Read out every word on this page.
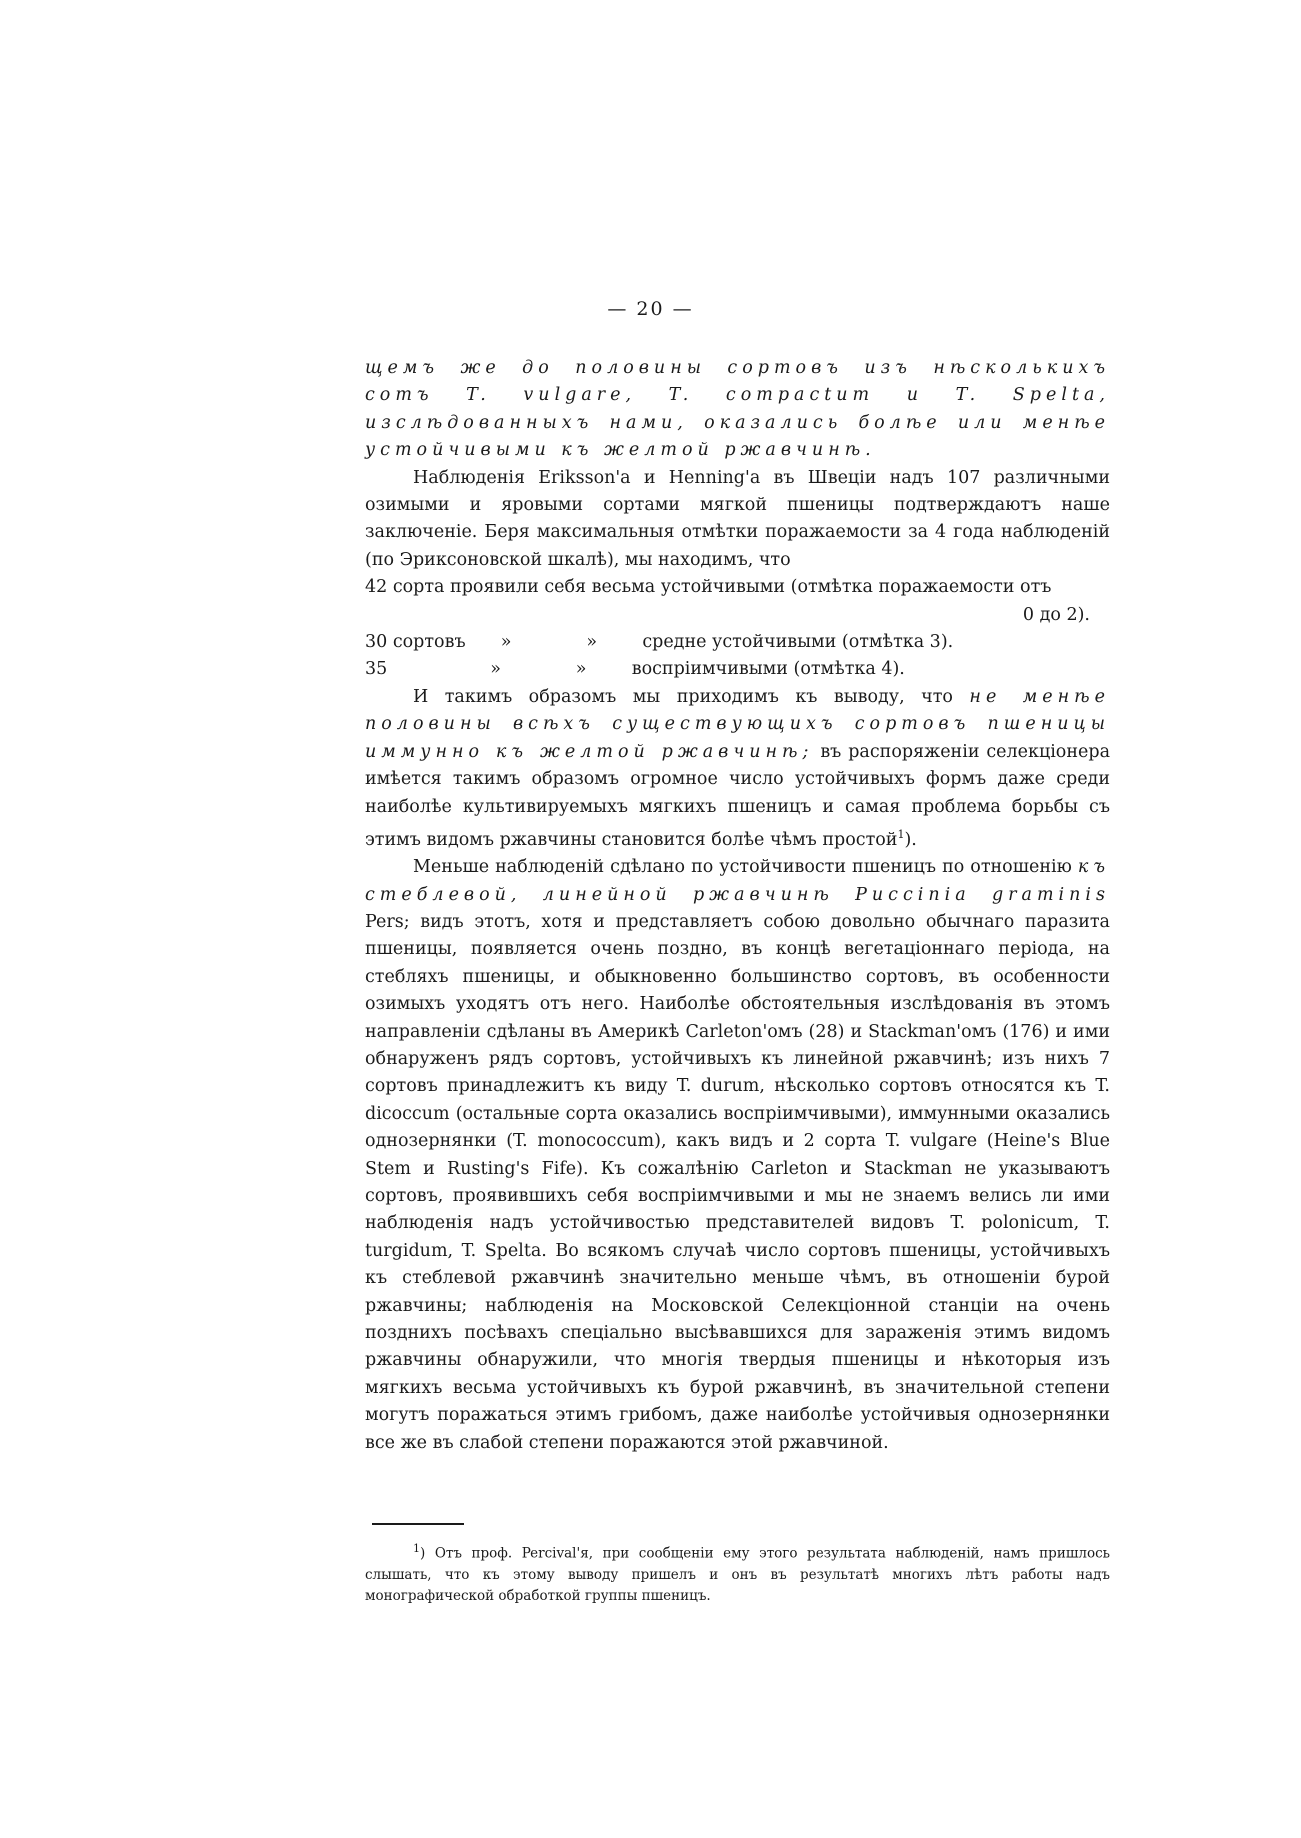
— 20 —

щемъ же до половины сортовъ изъ нѣсколькихъ сотъ T. vulgare, T. compactum и T. Spelta, изслѣдованныхъ нами, оказались болѣе или менѣе устойчивыми къ желтой ржавчинѣ.

Наблюденія Eriksson'а и Henning'а въ Швеціи надъ 107 различными озимыми и яровыми сортами мягкой пшеницы подтверждаютъ наше заключеніе. Беря максимальныя отмѣтки поражаемости за 4 года наблюденій (по Эриксоновской шкалѣ), мы находимъ, что

42 сорта проявили себя весьма устойчивыми (отмѣтка поражаемости отъ

0 до 2).

30 сортовъ »	»	средне устойчивыми (отмѣтка 3).

35	»	»	воспріимчивыми (отмѣтка 4).

И такимъ образомъ мы приходимъ къ выводу, что не менѣе половины всѣхъ существующихъ сортовъ пшеницы иммунно къ желтой ржавчинѣ; въ распоряженіи селекціонера имѣется такимъ образомъ огромное число устойчивыхъ формъ даже среди наиболѣе культивируемыхъ мягкихъ пшеницъ и самая проблема борьбы съ этимъ видомъ ржавчины становится болѣе чѣмъ простой$^1$).

Меньше наблюденій сдѣлано по устойчивости пшеницъ по отношенію къ стеблевой, линейной ржавчинѣ Puccinia graminis Pers; видъ этотъ, хотя и представляетъ собою довольно обычнаго паразита пшеницы, появляется очень поздно, въ концѣ вегетаціоннаго періода, на стебляхъ пшеницы, и обыкновенно большинство сортовъ, въ особенности озимыхъ уходятъ отъ него. Наиболѣе обстоятельныя изслѣдованія въ этомъ направленіи сдѣланы въ Америкѣ Carleton'омъ (28) и Stackman'омъ (176) и ими обнаруженъ рядъ сортовъ, устойчивыхъ къ линейной ржавчинѣ; изъ нихъ 7 сортовъ принадлежитъ къ виду T. durum, нѣсколько сортовъ относятся къ T. dicoccum (остальные сорта оказались воспріимчивыми), иммунными оказались однозернянки (T. monococcum), какъ видъ и 2 сорта T. vulgare (Heine's Blue Stem и Rusting's Fife). Къ сожалѣнію Carleton и Stackman не указываютъ сортовъ, проявившихъ себя воспріимчивыми и мы не знаемъ велись ли ими наблюденія надъ устойчивостью представителей видовъ T. polonicum, T. turgidum, T. Spelta. Во всякомъ случаѣ число сортовъ пшеницы, устойчивыхъ къ стеблевой ржавчинѣ значительно меньше чѣмъ, въ отношеніи бурой ржавчины; наблюденія на Московской Селекціонной станціи на очень позднихъ посѣвахъ спеціально высѣвавшихся для зараженія этимъ видомъ ржавчины обнаружили, что многія твердыя пшеницы и нѣкоторыя изъ мягкихъ весьма устойчивыхъ къ бурой ржавчинѣ, въ значительной степени могутъ поражаться этимъ грибомъ, даже наиболѣе устойчивыя однозернянки все же въ слабой степени поражаются этой ржавчиной.

$^1$) Отъ проф. Percival'я, при сообщеніи ему этого результата наблюденій, намъ пришлось слышать, что къ этому выводу пришелъ и онъ въ результатѣ многихъ лѣтъ работы надъ монографической обработкой группы пшеницъ.
